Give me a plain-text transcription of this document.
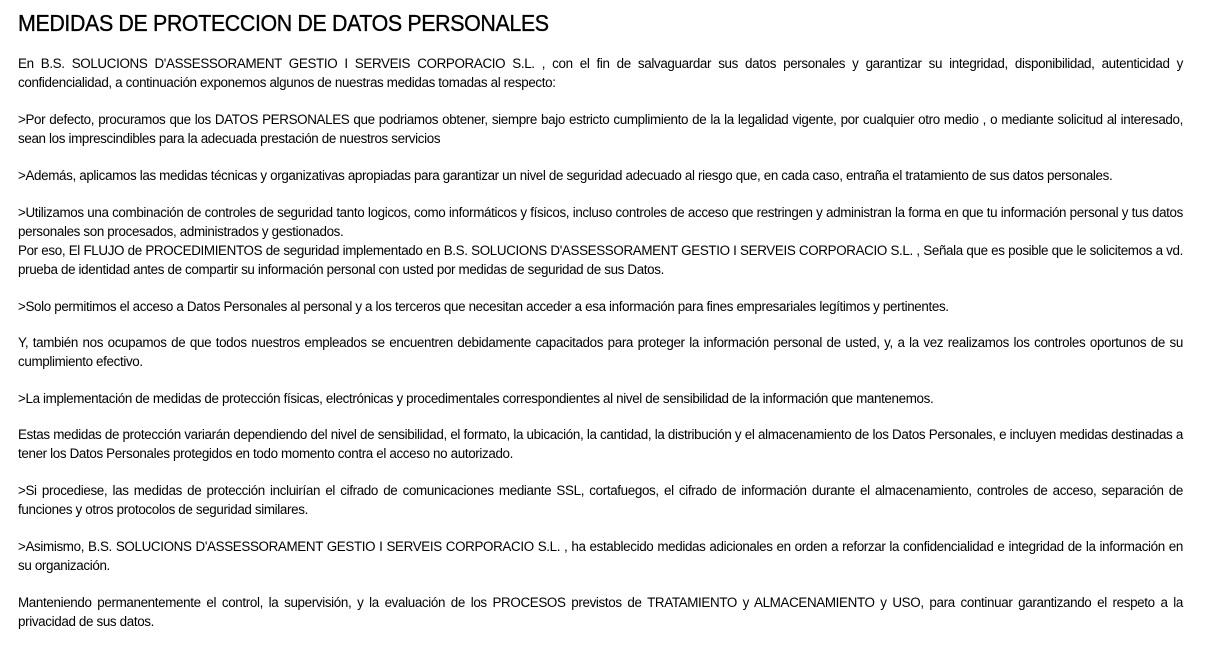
MEDIDAS DE PROTECCION DE DATOS PERSONALES

En B.S. SOLUCIONS D'ASSESSORAMENT GESTIO I SERVEIS CORPORACIO S.L. , con el fin de salvaguardar sus datos personales y garantizar su integridad, disponibilidad, autenticidad y confidencialidad, a continuación exponemos algunos de nuestras medidas tomadas al respecto:

>Por defecto, procuramos que los DATOS PERSONALES que podriamos obtener, siempre bajo estricto cumplimiento de la la legalidad vigente, por cualquier otro medio , o mediante solicitud al interesado, sean los imprescindibles para la adecuada prestación de nuestros servicios

>Además, aplicamos las medidas técnicas y organizativas apropiadas para garantizar un nivel de seguridad adecuado al riesgo que, en cada caso, entraña el tratamiento de sus datos personales.

>Utilizamos una combinación de controles de seguridad tanto logicos, como informáticos y físicos, incluso controles de acceso que restringen y administran la forma en que tu información personal y tus datos personales son procesados, administrados y gestionados.

Por eso, El FLUJO de PROCEDIMIENTOS de seguridad implementado en B.S. SOLUCIONS D'ASSESSORAMENT GESTIO I SERVEIS CORPORACIO S.L. , Señala que es posible que le solicitemos a vd. prueba de identidad antes de compartir su información personal con usted por medidas de seguridad de sus Datos.

>Solo permitimos el acceso a Datos Personales al personal y a los terceros que necesitan acceder a esa información para fines empresariales legítimos y pertinentes.

Y, también nos ocupamos de que todos nuestros empleados se encuentren debidamente capacitados para proteger la información personal de usted, y, a la vez realizamos los controles oportunos de su cumplimiento efectivo.

>La implementación de medidas de protección físicas, electrónicas y procedimentales correspondientes al nivel de sensibilidad de la información que mantenemos.

Estas medidas de protección variarán dependiendo del nivel de sensibilidad, el formato, la ubicación, la cantidad, la distribución y el almacenamiento de los Datos Personales, e incluyen medidas destinadas a tener los Datos Personales protegidos en todo momento contra el acceso no autorizado.

>Si procediese, las medidas de protección incluirían el cifrado de comunicaciones mediante SSL, cortafuegos, el cifrado de información durante el almacenamiento, controles de acceso, separación de funciones y otros protocolos de seguridad similares.

>Asimismo, B.S. SOLUCIONS D'ASSESSORAMENT GESTIO I SERVEIS CORPORACIO S.L. , ha establecido medidas adicionales en orden a reforzar la confidencialidad e integridad de la información en su organización.

Manteniendo permanentemente el control, la supervisión, y la evaluación de los PROCESOS previstos de TRATAMIENTO y ALMACENAMIENTO y USO, para continuar garantizando el respeto a la privacidad de sus datos.
